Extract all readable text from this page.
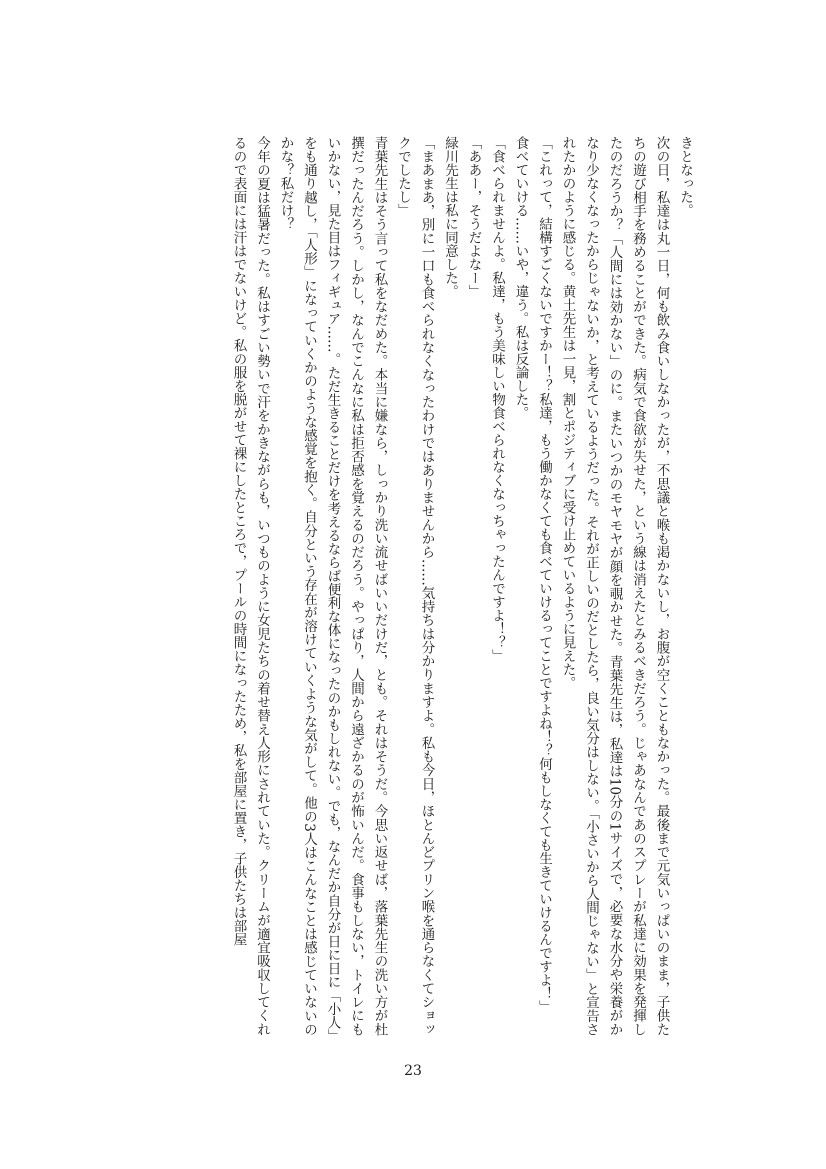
きとなった。

次の日，私達は丸一日，何も飲み食いしなかったが，不思議と喉も渇かないし，お腹が空くこともなかった。最後まで元気いっぱいのまま，子供たちの遊び相手を務めることができた。病気で食欲が失せた，という線は消えたとみるべきだろう。じゃあなんであのスプレーが私達に効果を発揮したのだろうか？「人間には効かない」のに。またいつかのモヤモヤが顔を覗かせた。青葉先生は，私達は10分の1サイズで，必要な水分や栄養がかなり少なくなったからじゃないか，と考えているようだった。それが正しいのだとしたら，良い気分はしない。「小さいから人間じゃない」と宣告されたかのように感じる。黄土先生は一見，割とポジティブに受け止めているように見えた。

「これって，結構すごくないですかー！？私達，もう働かなくても食べていけるってことですよね！？何もしなくても生きていけるんですよ！」

食べていける……いや，違う。私は反論した。

「食べられませんよ。私達，もう美味しい物食べられなくなっちゃったんですよ！？」

「ああー，そうだよなー」

緑川先生は私に同意した。

「まあまあ，別に一口も食べられなくなったわけではありませんから……気持ちは分かりますよ。私も今日，ほとんどプリン喉を通らなくてショックでしたし」

青葉先生はそう言って私をなだめた。本当に嫌なら，しっかり洗い流せばいいだけだ，とも。それはそうだ。今思い返せば，落葉先生の洗い方が杜撰だったんだろう。しかし，なんでこんなに私は拒否感を覚えるのだろう。やっぱり，人間から遠ざかるのが怖いんだ。食事もしない，トイレにもいかない，見た目はフィギュア……。ただ生きることだけを考えるならば便利な体になったのかもしれない。でも，なんだか自分が日に日に「小人」をも通り越し，「人形」になっていくかのような感覚を抱く。自分という存在が溶けていくような気がして。他の3人はこんなことは感じていないのかな？私だけ？

今年の夏は猛暑だった。私はすごい勢いで汗をかきながらも，いつものように女児たちの着せ替え人形にされていた。クリームが適宜吸収してくれるので表面には汗はでないけど。私の服を脱がせて裸にしたところで，プールの時間になったため，私を部屋に置き，子供たちは部屋

23
